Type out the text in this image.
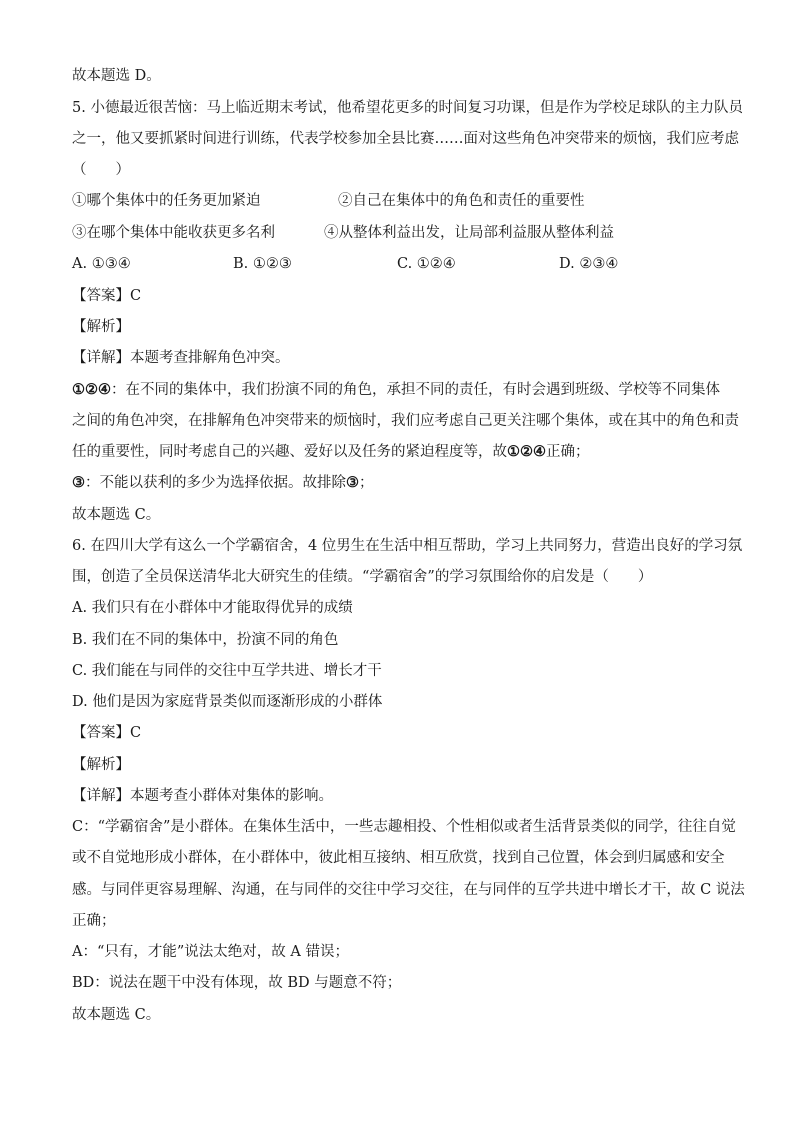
故本题选 D。
5. 小德最近很苦恼：马上临近期末考试，他希望花更多的时间复习功课，但是作为学校足球队的主力队员
之一，他又要抓紧时间进行训练，代表学校参加全县比赛……面对这些角色冲突带来的烦恼，我们应考虑
（　　）
①哪个集体中的任务更加紧迫	②自己在集体中的角色和责任的重要性
③在哪个集体中能收获更多名利	④从整体利益出发，让局部利益服从整体利益
A. ①③④	B. ①②③	C. ①②④	D. ②③④
【答案】C
【解析】
【详解】本题考查排解角色冲突。
①②④：在不同的集体中，我们扮演不同的角色，承担不同的责任，有时会遇到班级、学校等不同集体
之间的角色冲突，在排解角色冲突带来的烦恼时，我们应考虑自己更关注哪个集体，或在其中的角色和责
任的重要性，同时考虑自己的兴趣、爱好以及任务的紧迫程度等，故①②④正确；
③：不能以获利的多少为选择依据。故排除③；
故本题选 C。
6. 在四川大学有这么一个学霸宿舍，4 位男生在生活中相互帮助，学习上共同努力，营造出良好的学习氛
围，创造了全员保送清华北大研究生的佳绩。“学霸宿舍”的学习氛围给你的启发是（　　）
A. 我们只有在小群体中才能取得优异的成绩
B. 我们在不同的集体中，扮演不同的角色
C. 我们能在与同伴的交往中互学共进、增长才干
D. 他们是因为家庭背景类似而逐渐形成的小群体
【答案】C
【解析】
【详解】本题考查小群体对集体的影响。
C：“学霸宿舍”是小群体。在集体生活中，一些志趣相投、个性相似或者生活背景类似的同学，往往自觉
或不自觉地形成小群体，在小群体中，彼此相互接纳、相互欣赏，找到自己位置，体会到归属感和安全
感。与同伴更容易理解、沟通，在与同伴的交往中学习交往，在与同伴的互学共进中增长才干，故 C 说法
正确；
A：“只有，才能”说法太绝对，故 A 错误；
BD：说法在题干中没有体现，故 BD 与题意不符；
故本题选 C。
